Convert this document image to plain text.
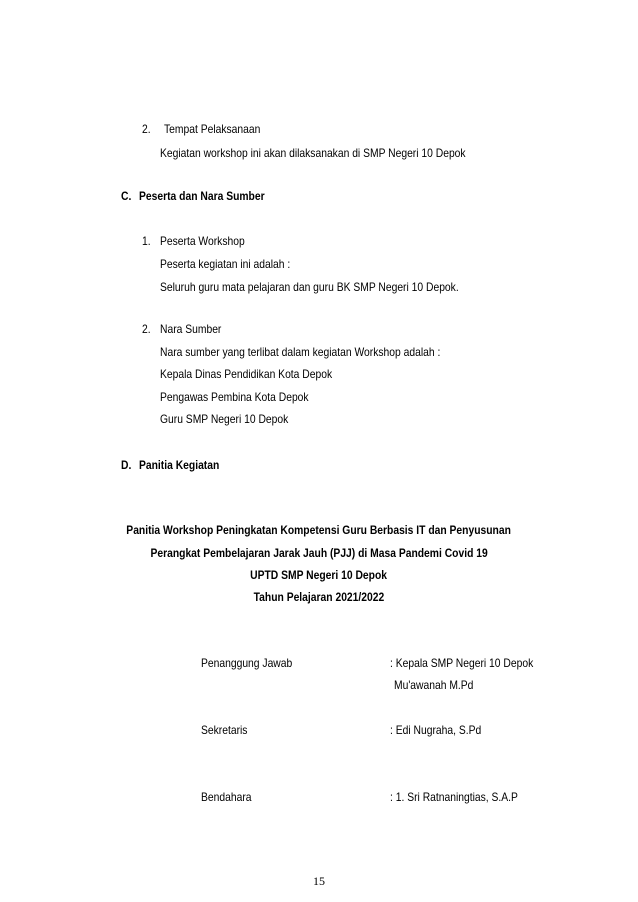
2. Tempat Pelaksanaan
Kegiatan workshop ini akan dilaksanakan di SMP Negeri 10 Depok
C. Peserta dan Nara Sumber
1. Peserta Workshop
Peserta kegiatan ini adalah :
Seluruh guru mata pelajaran dan guru BK SMP Negeri 10 Depok.
2. Nara Sumber
Nara sumber yang terlibat dalam kegiatan Workshop adalah :
Kepala Dinas Pendidikan Kota Depok
Pengawas Pembina Kota Depok
Guru SMP Negeri 10 Depok
D. Panitia Kegiatan
Panitia Workshop Peningkatan Kompetensi Guru Berbasis IT dan Penyusunan
Perangkat Pembelajaran Jarak Jauh (PJJ) di Masa Pandemi Covid 19
UPTD SMP Negeri 10 Depok
Tahun Pelajaran 2021/2022
Penanggung Jawab	: Kepala SMP Negeri 10 Depok
Mu'awanah M.Pd
Sekretaris	: Edi Nugraha, S.Pd
Bendahara	: 1. Sri Ratnaningtias, S.A.P
15
